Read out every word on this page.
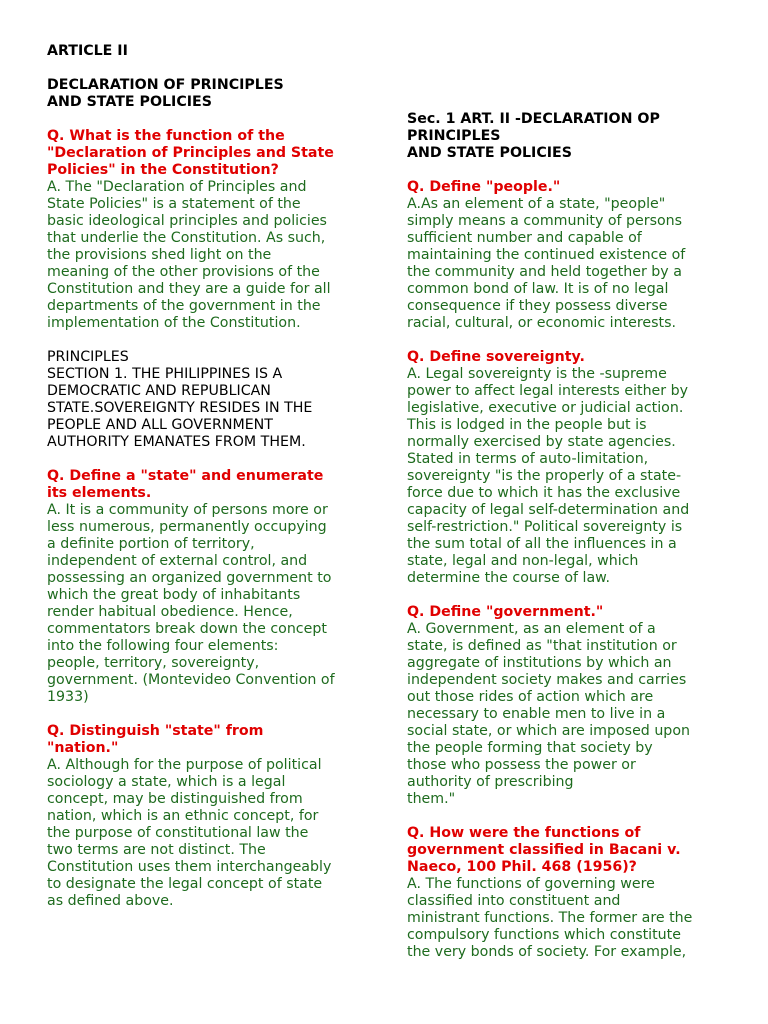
ARTICLE II
DECLARATION OF PRINCIPLES
AND STATE POLICIES
Q. What is the function of the
"Declaration of Principles and State
Policies" in the Constitution?
A. The "Declaration of Principles and
State Policies" is a statement of the
basic ideological principles and policies
that underlie the Constitution. As such,
the provisions shed light on the
meaning of the other provisions of the
Constitution and they are a guide for all
departments of the government in the
implementation of the Constitution.
PRINCIPLES
SECTION 1. THE PHILIPPINES IS A
DEMOCRATIC AND REPUBLICAN
STATE.SOVEREIGNTY RESIDES IN THE
PEOPLE AND ALL GOVERNMENT
AUTHORITY EMANATES FROM THEM.
Q. Define a "state" and enumerate
its elements.
A. It is a community of persons more or
less numerous, permanently occupying
a definite portion of territory,
independent of external control, and
possessing an organized government to
which the great body of inhabitants
render habitual obedience. Hence,
commentators break down the concept
into the following four elements:
people, territory, sovereignty,
government. (Montevideo Convention of
1933)
Q. Distinguish "state" from
"nation."
A. Although for the purpose of political
sociology a state, which is a legal
concept, may be distinguished from
nation, which is an ethnic concept, for
the purpose of constitutional law the
two terms are not distinct. The
Constitution uses them interchangeably
to designate the legal concept of state
as defined above.
Sec. 1 ART. II -DECLARATION OP
PRINCIPLES
AND STATE POLICIES
Q. Define "people."
A.As an element of a state, "people"
simply means a community of persons
sufficient number and capable of
maintaining the continued existence of
the community and held together by a
common bond of law. It is of no legal
consequence if they possess diverse
racial, cultural, or economic interests.
Q. Define sovereignty.
A. Legal sovereignty is the -supreme
power to affect legal interests either by
legislative, executive or judicial action.
This is lodged in the people but is
normally exercised by state agencies.
Stated in terms of auto-limitation,
sovereignty "is the properly of a state-
force due to which it has the exclusive
capacity of legal self-determination and
self-restriction." Political sovereignty is
the sum total of all the influences in a
state, legal and non-legal, which
determine the course of law.
Q. Define "government."
A. Government, as an element of a
state, is defined as "that institution or
aggregate of institutions by which an
independent society makes and carries
out those rides of action which are
necessary to enable men to live in a
social state, or which are imposed upon
the people forming that society by
those who possess the power or
authority of prescribing
them."
Q. How were the functions of
government classified in Bacani v.
Naeco, 100 Phil. 468 (1956)?
A. The functions of governing were
classified into constituent and
ministrant functions. The former are the
compulsory functions which constitute
the very bonds of society. For example,
